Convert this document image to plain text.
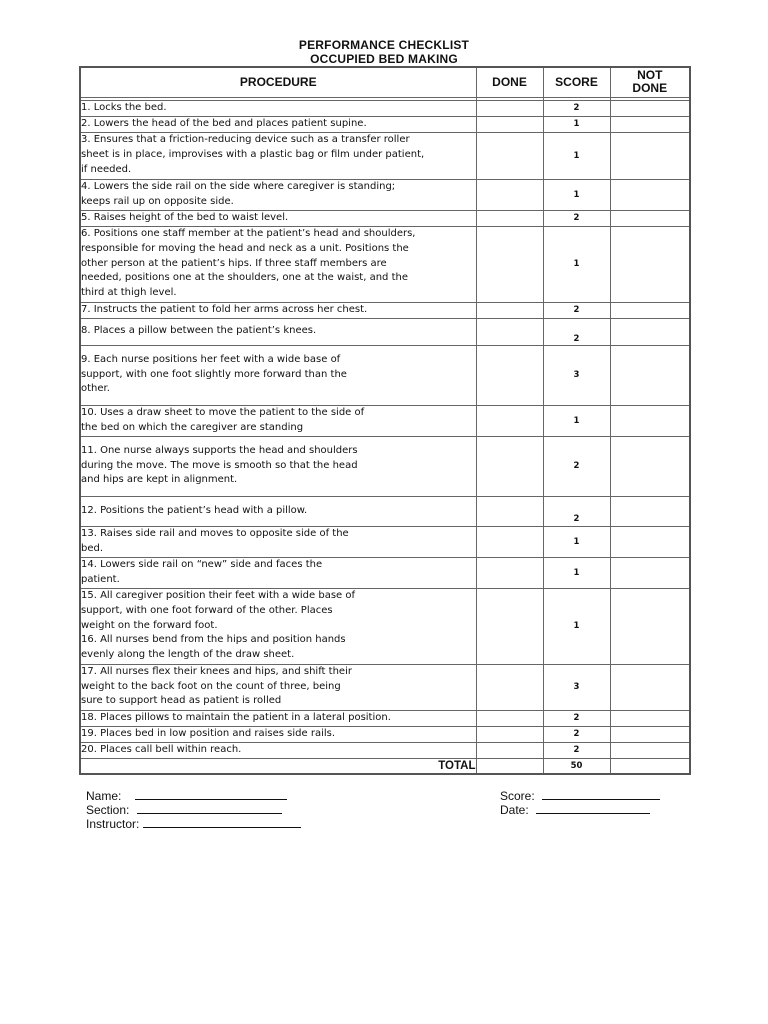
PERFORMANCE CHECKLIST
OCCUPIED BED MAKING
PROCEDURE	DONE	SCORE	NOT
DONE

1. Locks the bed.		2	
2. Lowers the head of the bed and places patient supine.		1	
3. Ensures that a friction-reducing device such as a transfer roller
sheet is in place, improvises with a plastic bag or film under patient,
if needed.		1	
4. Lowers the side rail on the side where caregiver is standing;
keeps rail up on opposite side.		1	
5. Raises height of the bed to waist level.		2	
6. Positions one staff member at the patient’s head and shoulders,
responsible for moving the head and neck as a unit. Positions the
other person at the patient’s hips. If three staff members are
needed, positions one at the shoulders, one at the waist, and the
third at thigh level.		1	
7. Instructs the patient to fold her arms across her chest.		2	
8. Places a pillow between the patient’s knees.		2	
9. Each nurse positions her feet with a wide base of
support, with one foot slightly more forward than the
other.		3	
10. Uses a draw sheet to move the patient to the side of
the bed on which the caregiver are standing		1	
11. One nurse always supports the head and shoulders
during the move. The move is smooth so that the head
and hips are kept in alignment.		2	
12. Positions the patient’s head with a pillow.		2	
13. Raises side rail and moves to opposite side of the
bed.		1	
14. Lowers side rail on “new” side and faces the
patient.		1	
15. All caregiver position their feet with a wide base of
support, with one foot forward of the other. Places
weight on the forward foot.
16. All nurses bend from the hips and position hands
evenly along the length of the draw sheet.		1	
17. All nurses flex their knees and hips, and shift their
weight to the back foot on the count of three, being
sure to support head as patient is rolled		3	
18. Places pillows to maintain the patient in a lateral position.		2	
19. Places bed in low position and raises side rails.		2	
20. Places call bell within reach.		2	
TOTAL		50	
Name:
Section:
Instructor:
Score:
Date:
